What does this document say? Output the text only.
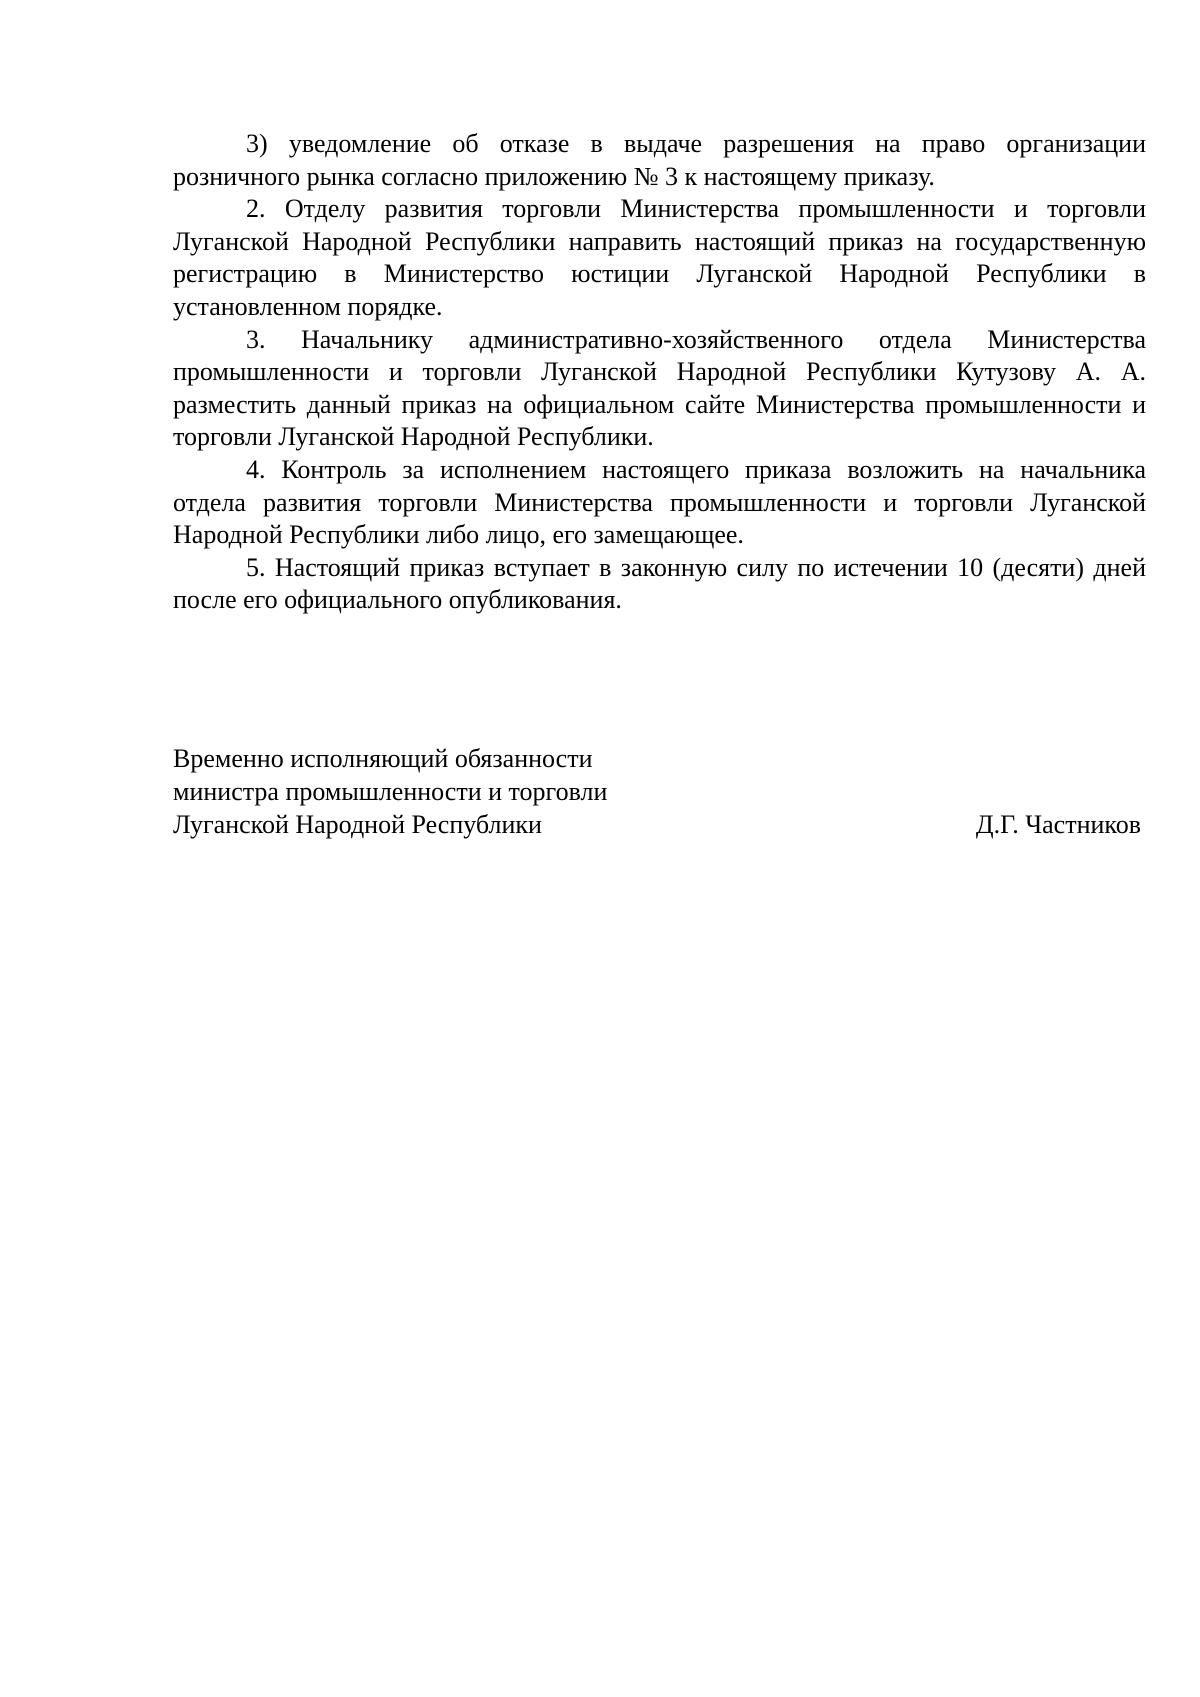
3) уведомление об отказе в выдаче разрешения на право организации розничного рынка согласно приложению № 3 к настоящему приказу.

2. Отделу развития торговли Министерства промышленности и торговли Луганской Народной Республики направить настоящий приказ на государственную регистрацию в Министерство юстиции Луганской Народной Республики в установленном порядке.

3. Начальнику административно-хозяйственного отдела Министерства промышленности и торговли Луганской Народной Республики Кутузову А. А. разместить данный приказ на официальном сайте Министерства промышленности и торговли Луганской Народной Республики.

4. Контроль за исполнением настоящего приказа возложить на начальника отдела развития торговли Министерства промышленности и торговли Луганской Народной Республики либо лицо, его замещающее.

5. Настоящий приказ вступает в законную силу по истечении 10 (десяти) дней после его официального опубликования.

Временно исполняющий обязанности
министра промышленности и торговли
Луганской Народной Республики	Д.Г. Частников
